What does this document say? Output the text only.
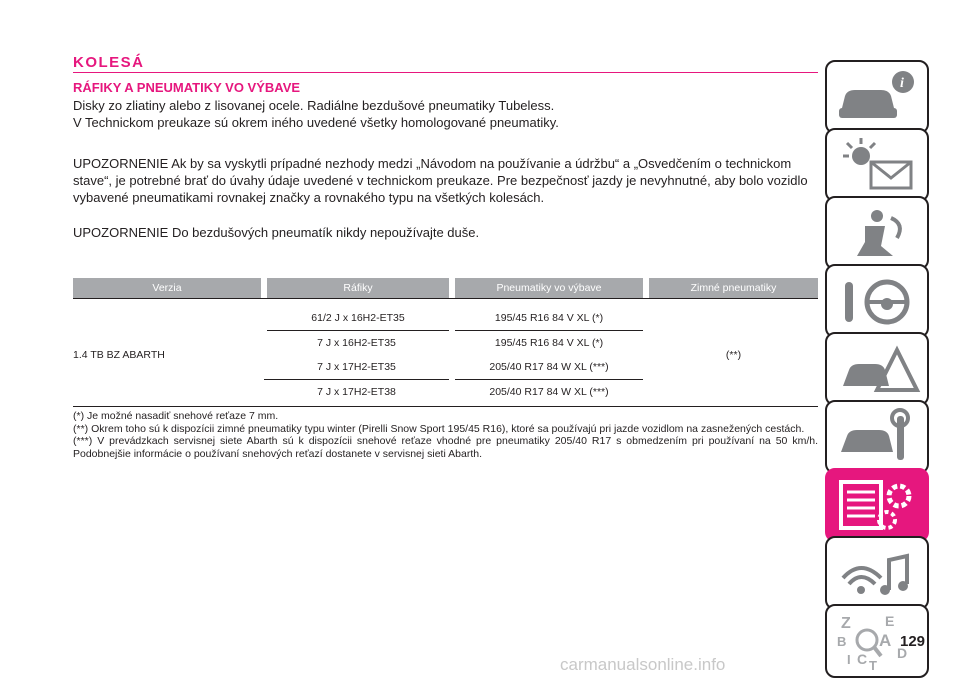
KOLESÁ
RÁFIKY A PNEUMATIKY VO VÝBAVE

Disky zo zliatiny alebo z lisovanej ocele. Radiálne bezdušové pneumatiky Tubeless.
V Technickom preukaze sú okrem iného uvedené všetky homologované pneumatiky.

UPOZORNENIE Ak by sa vyskytli prípadné nezhody medzi „Návodom na používanie a údržbu“ a „Osvedčením o technickom stave“, je potrebné brať do úvahy údaje uvedené v technickom preukaze. Pre bezpečnosť jazdy je nevyhnutné, aby bolo vozidlo vybavené pneumatikami rovnakej značky a rovnakého typu na všetkých kolesách.

UPOZORNENIE Do bezdušových pneumatík nikdy nepoužívajte duše.

Verzia	Ráfiky	Pneumatiky vo výbave	Zimné pneumatiky

1.4 TB BZ ABARTH	61/2 J x 16H2-ET35	195/45 R16 84 V XL (*)	(**)
	7 J x 16H2-ET35	195/45 R16 84 V XL (*)	
	7 J x 17H2-ET35	205/40 R17 84 W XL (***)	
	7 J x 17H2-ET38	205/40 R17 84 W XL (***)	

(*) Je možné nasadiť snehové reťaze 7 mm.

(**) Okrem toho sú k dispozícii zimné pneumatiky typu winter (Pirelli Snow Sport 195/45 R16), ktoré sa používajú pri jazde vozidlom na zasnežených cestách.

(***) V prevádzkach servisnej siete Abarth sú k dispozícii snehové reťaze vhodné pre pneumatiky 205/40 R17 s obmedzením pri používaní na 50 km/h. Podobnejšie informácie o používaní snehových reťazí dostanete v servisnej sieti Abarth.

i
Z E
B A
I C D
T

129

carmanualsonline.info
